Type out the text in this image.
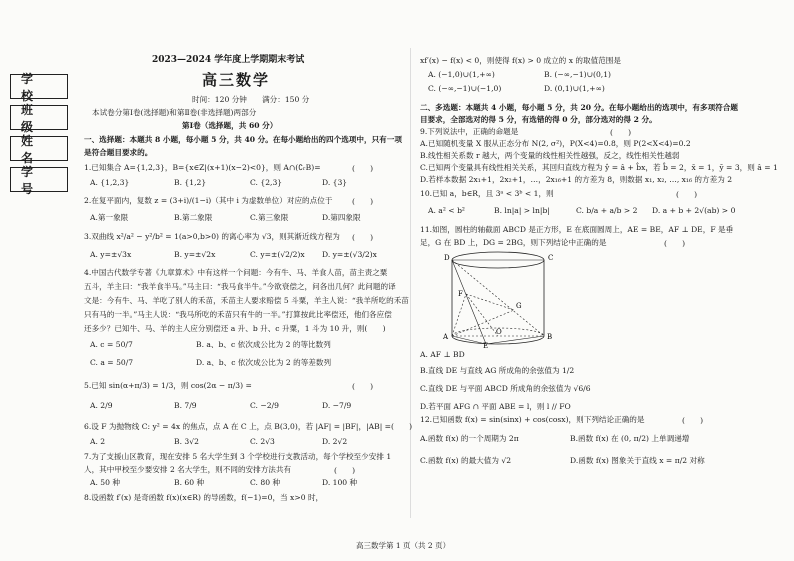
学 校
班 级
姓 名
学 号
2023—2024 学年度上学期期末考试
高三数学
时间：120 分钟　　满分：150 分
本试卷分第Ⅰ卷(选择题)和第Ⅱ卷(非选择题)两部分
第Ⅰ卷（选择题，共 60 分）
一、选择题：本题共 8 小题，每小题 5 分，共 40 分。在每小题给出的四个选项中，只有一项
是符合题目要求的。
1.已知集合 A={1,2,3}，B={x∈Z|(x+1)(x−2)<0}，则 A∩(∁ᵣB)=	(　　)
A. {1,2,3}	B. {1,2}	C. {2,3}	D. {3}
2.在复平面内，复数 z = (3+i)/(1−i)（其中 i 为虚数单位）对应的点位于	(　　)
A.第一象限	B.第二象限	C.第三象限	D.第四象限
3.双曲线 x²/a² − y²/b² = 1(a>0,b>0) 的离心率为 √3，则其渐近线方程为 (　　)
A. y=±√3x	B. y=±√2x	C. y=±(√2/2)x D. y=±(√3/2)x
4.中国古代数学专著《九章算术》中有这样一个问题：今有牛、马、羊食人苗，苗主责之粟
五斗，羊主曰：“我羊食半马。”马主曰：“我马食半牛。”今欲衰偿之，问各出几何？此问题的译
文是：今有牛、马、羊吃了别人的禾苗，禾苗主人要求赔偿 5 斗粟，羊主人说：“我羊所吃的禾苗
只有马的一半。”马主人说：“我马所吃的禾苗只有牛的一半。”打算按此比率偿还，他们各应偿
还多少？已知牛、马、羊的主人应分别偿还 a 升、b 升、c 升粟，1 斗为 10 升，则(　　)
A. c = 50/7	B. a、b、c 依次成公比为 2 的等比数列
C. a = 50/7	D. a、b、c 依次成公比为 2 的等差数列
5.已知 sin(α+π/3) = 1/3，则 cos(2α − π/3) =	(　　)
A. 2/9	B. 7/9	C. −2/9	D. −7/9
6.设 F 为抛物线 C: y² = 4x 的焦点，点 A 在 C 上，点 B(3,0)，若 |AF| = |BF|，|AB| =(　　)
A. 2	B. 3√2	C. 2√3	D. 2√2
7.为了支援山区教育，现在安排 5 名大学生到 3 个学校进行支教活动，每个学校至少安排 1
人，其中甲校至少要安排 2 名大学生，则不同的安排方法共有	(　　)
A. 50 种	B. 60 种	C. 80 种	D. 100 种
8.设函数 f′(x) 是奇函数 f(x)(x∈R) 的导函数，f(−1)=0，当 x>0 时，
xf′(x) − f(x) < 0，则使得 f(x) > 0 成立的 x 的取值范围是
A. (−1,0)∪(1,+∞)	B. (−∞,−1)∪(0,1)
C. (−∞,−1)∪(−1,0)	D. (0,1)∪(1,+∞)
二、多选题：本题共 4 小题，每小题 5 分，共 20 分。在每小题给出的选项中，有多项符合题
目要求，全部选对的得 5 分，有选错的得 0 分，部分选对的得 2 分。
9.下列说法中，正确的命题是	(　　)
A.已知随机变量 X 服从正态分布 N(2, σ²)，P(X<4)=0.8，则 P(2<X<4)=0.2
B.线性相关系数 r 越大，两个变量的线性相关性越强，反之，线性相关性越弱
C.已知两个变量具有线性相关关系，其回归直线方程为 ŷ = â + b̂x，若 b̂ = 2，x̄ = 1，ȳ = 3，则 â = 1
D.若样本数据 2x₁+1，2x₂+1，…，2x₁₆+1 的方差为 8，则数据 x₁, x₂, …, x₁₆ 的方差为 2
10.已知 a，b∈R，且 3ᵃ < 3ᵇ < 1，则	(　　)
A. a² < b²	B. ln|a| > ln|b|	C. b/a + a/b > 2 D. a + b + 2√(ab) > 0
11.如图，圆柱的轴截面 ABCD 是正方形，E 在底面圆周上，AE = BE，AF ⊥ DE，F 是垂
足，G 在 BD 上，DG = 2BG，则下列结论中正确的是	(　　)
D	C
G
F
O
A	B
E
A. AF ⊥ BD
B.直线 DE 与直线 AG 所成角的余弦值为 1/2
C.直线 DE 与平面 ABCD 所成角的余弦值为 √6/6
D.若平面 AFG ∩ 平面 ABE = l，则 l // FO
12.已知函数 f(x) = sin(sinx) + cos(cosx)，则下列结论正确的是	(　　)
A.函数 f(x) 的一个周期为 2π	B.函数 f(x) 在 (0, π/2) 上单调递增
C.函数 f(x) 的最大值为 √2	D.函数 f(x) 图象关于直线 x = π/2 对称
高三数学第 1 页（共 2 页）
